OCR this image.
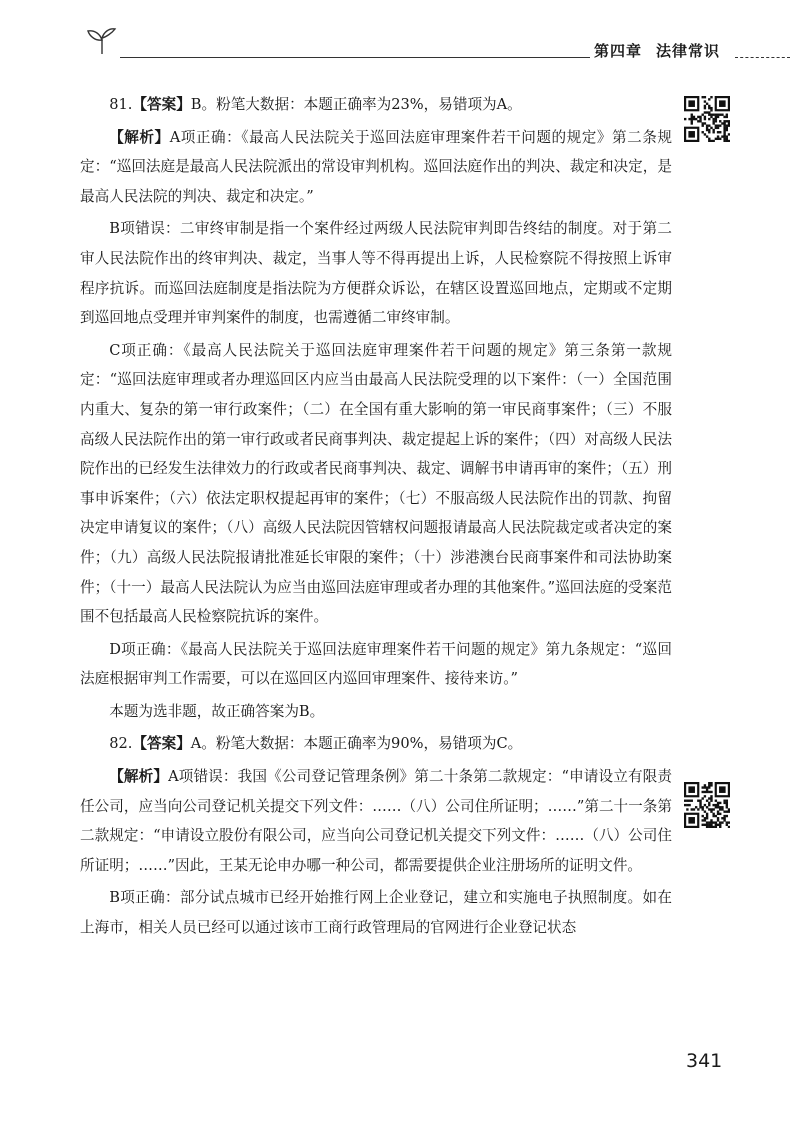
第四章 法律常识

81.【答案】B。粉笔大数据：本题正确率为23%，易错项为A。

【解析】A项正确：《最高人民法院关于巡回法庭审理案件若干问题的规定》第二条规定：“巡回法庭是最高人民法院派出的常设审判机构。巡回法庭作出的判决、裁定和决定，是最高人民法院的判决、裁定和决定。”

B项错误：二审终审制是指一个案件经过两级人民法院审判即告终结的制度。对于第二审人民法院作出的终审判决、裁定，当事人等不得再提出上诉，人民检察院不得按照上诉审程序抗诉。而巡回法庭制度是指法院为方便群众诉讼，在辖区设置巡回地点，定期或不定期到巡回地点受理并审判案件的制度，也需遵循二审终审制。

C项正确：《最高人民法院关于巡回法庭审理案件若干问题的规定》第三条第一款规定：“巡回法庭审理或者办理巡回区内应当由最高人民法院受理的以下案件：（一）全国范围内重大、复杂的第一审行政案件；（二）在全国有重大影响的第一审民商事案件；（三）不服高级人民法院作出的第一审行政或者民商事判决、裁定提起上诉的案件；（四）对高级人民法院作出的已经发生法律效力的行政或者民商事判决、裁定、调解书申请再审的案件；（五）刑事申诉案件；（六）依法定职权提起再审的案件；（七）不服高级人民法院作出的罚款、拘留决定申请复议的案件；（八）高级人民法院因管辖权问题报请最高人民法院裁定或者决定的案件；（九）高级人民法院报请批准延长审限的案件；（十）涉港澳台民商事案件和司法协助案件；（十一）最高人民法院认为应当由巡回法庭审理或者办理的其他案件。”巡回法庭的受案范围不包括最高人民检察院抗诉的案件。

D项正确：《最高人民法院关于巡回法庭审理案件若干问题的规定》第九条规定：“巡回法庭根据审判工作需要，可以在巡回区内巡回审理案件、接待来访。”

本题为选非题，故正确答案为B。

82.【答案】A。粉笔大数据：本题正确率为90%，易错项为C。

【解析】A项错误：我国《公司登记管理条例》第二十条第二款规定：“申请设立有限责任公司，应当向公司登记机关提交下列文件：……（八）公司住所证明；……”第二十一条第二款规定：“申请设立股份有限公司，应当向公司登记机关提交下列文件：……（八）公司住所证明；……”因此，王某无论申办哪一种公司，都需要提供企业注册场所的证明文件。

B项正确：部分试点城市已经开始推行网上企业登记，建立和实施电子执照制度。如在上海市，相关人员已经可以通过该市工商行政管理局的官网进行企业登记状态

341
